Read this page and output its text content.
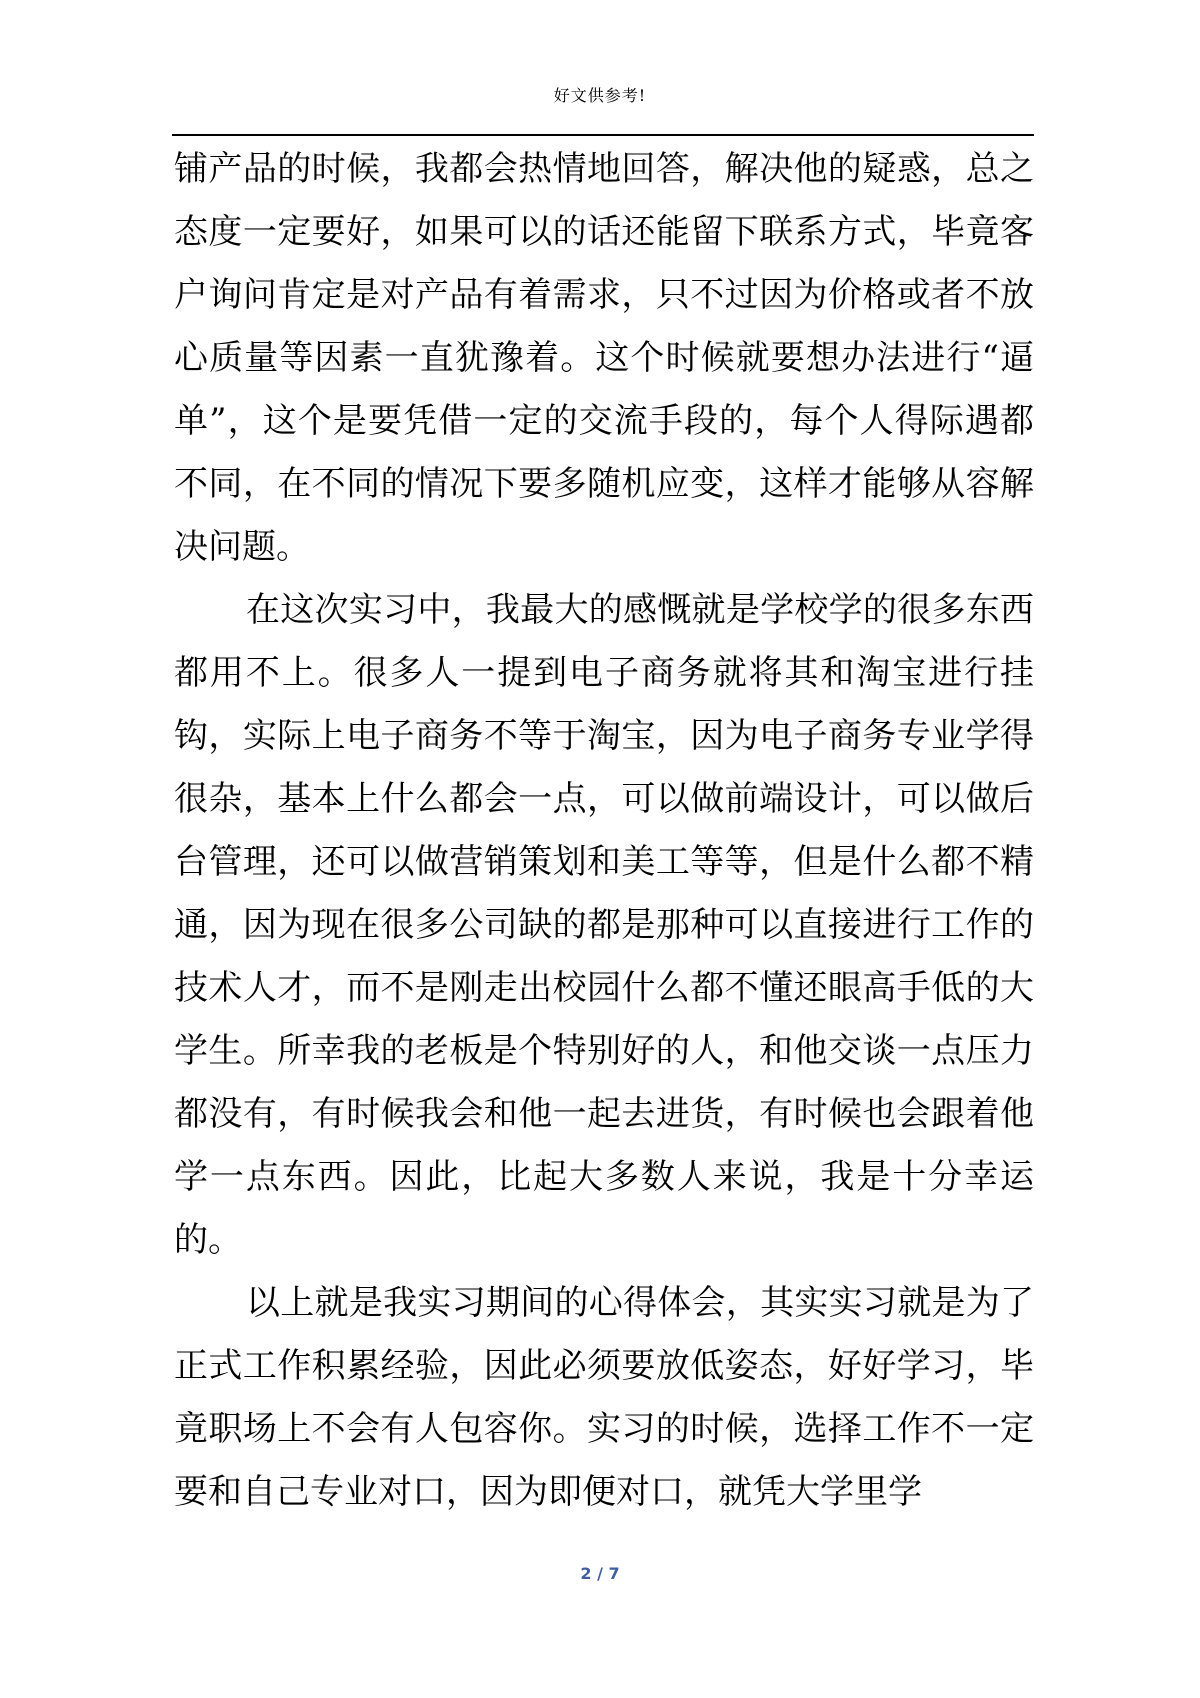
好文供参考!

铺产品的时候，我都会热情地回答，解决他的疑惑，总之态度一定要好，如果可以的话还能留下联系方式，毕竟客户询问肯定是对产品有着需求，只不过因为价格或者不放心质量等因素一直犹豫着。这个时候就要想办法进行“逼单”，这个是要凭借一定的交流手段的，每个人得际遇都不同，在不同的情况下要多随机应变，这样才能够从容解决问题。

在这次实习中，我最大的感慨就是学校学的很多东西都用不上。很多人一提到电子商务就将其和淘宝进行挂钩，实际上电子商务不等于淘宝，因为电子商务专业学得很杂，基本上什么都会一点，可以做前端设计，可以做后台管理，还可以做营销策划和美工等等，但是什么都不精通，因为现在很多公司缺的都是那种可以直接进行工作的技术人才，而不是刚走出校园什么都不懂还眼高手低的大学生。所幸我的老板是个特别好的人，和他交谈一点压力都没有，有时候我会和他一起去进货，有时候也会跟着他学一点东西。因此，比起大多数人来说，我是十分幸运的。

以上就是我实习期间的心得体会，其实实习就是为了正式工作积累经验，因此必须要放低姿态，好好学习，毕竟职场上不会有人包容你。实习的时候，选择工作不一定要和自己专业对口，因为即便对口，就凭大学里学

2 / 7
